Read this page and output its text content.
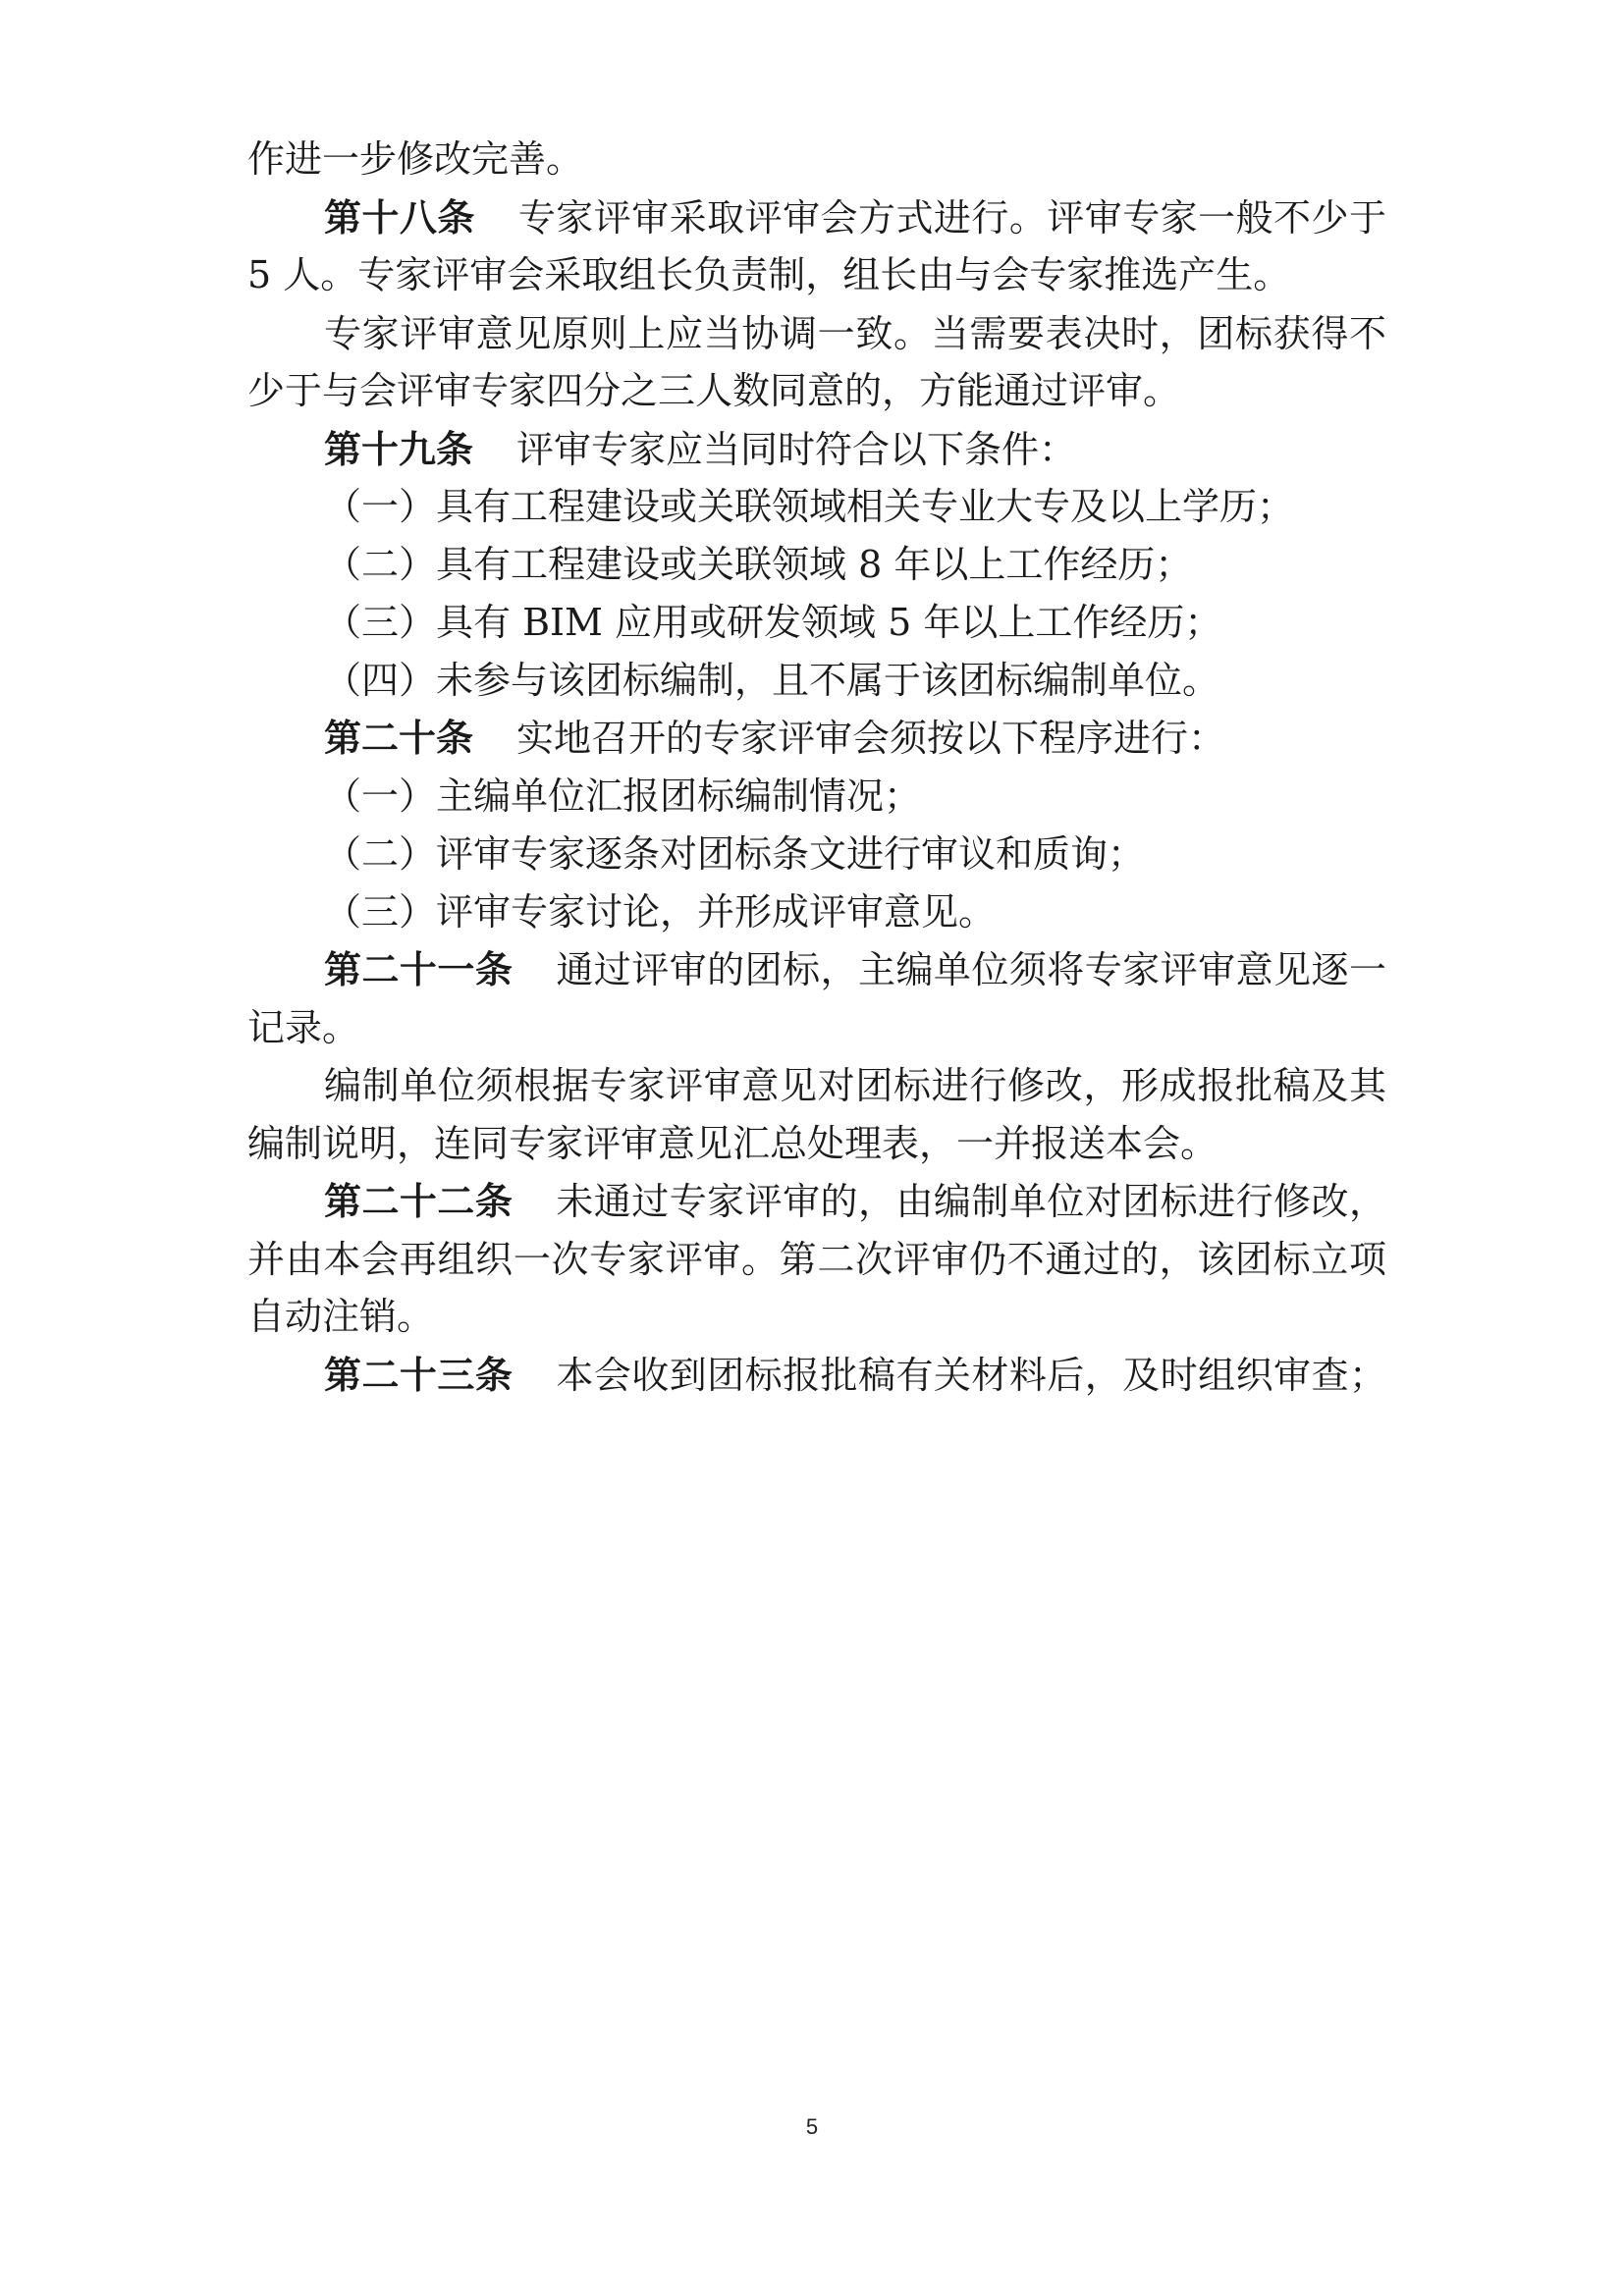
作进一步修改完善。
第十八条 专家评审采取评审会方式进行。评审专家一般不少于
5 人。专家评审会采取组长负责制，组长由与会专家推选产生。
专家评审意见原则上应当协调一致。当需要表决时，团标获得不
少于与会评审专家四分之三人数同意的，方能通过评审。
第十九条 评审专家应当同时符合以下条件：
（一）具有工程建设或关联领域相关专业大专及以上学历；
（二）具有工程建设或关联领域 8 年以上工作经历；
（三）具有 BIM 应用或研发领域 5 年以上工作经历；
（四）未参与该团标编制，且不属于该团标编制单位。
第二十条 实地召开的专家评审会须按以下程序进行：
（一）主编单位汇报团标编制情况；
（二）评审专家逐条对团标条文进行审议和质询；
（三）评审专家讨论，并形成评审意见。
第二十一条 通过评审的团标，主编单位须将专家评审意见逐一
记录。
编制单位须根据专家评审意见对团标进行修改，形成报批稿及其
编制说明，连同专家评审意见汇总处理表，一并报送本会。
第二十二条 未通过专家评审的，由编制单位对团标进行修改，
并由本会再组织一次专家评审。第二次评审仍不通过的，该团标立项
自动注销。
第二十三条 本会收到团标报批稿有关材料后，及时组织审查；
5
